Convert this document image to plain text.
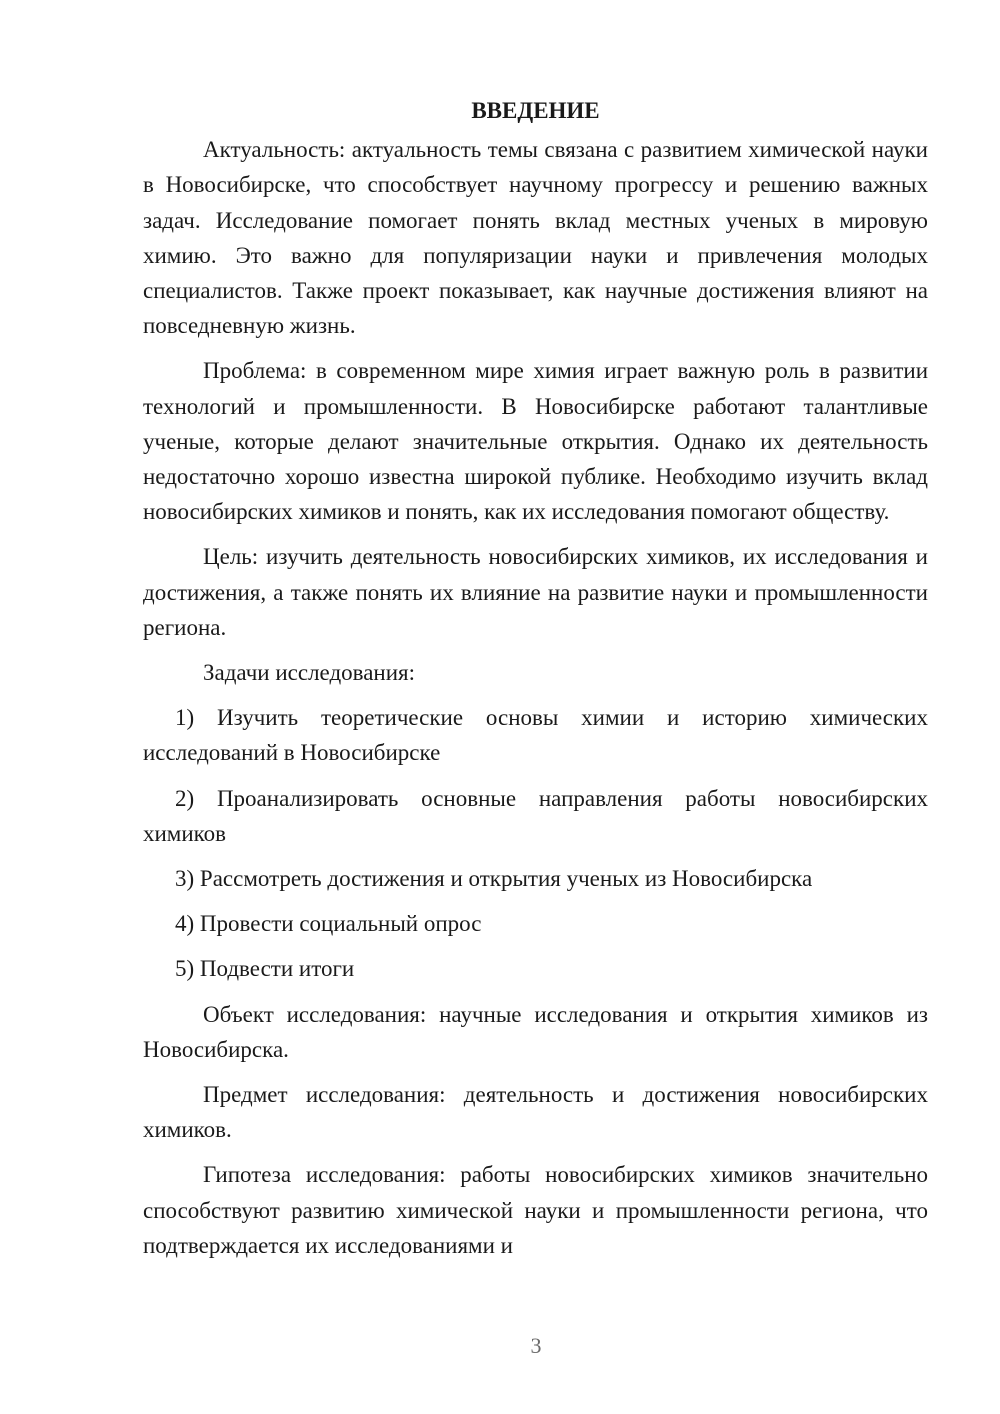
ВВЕДЕНИЕ

Актуальность: актуальность темы связана с развитием химической науки в Новосибирске, что способствует научному прогрессу и решению важных задач. Исследование помогает понять вклад местных ученых в мировую химию. Это важно для популяризации науки и привлечения молодых специалистов. Также проект показывает, как научные достижения влияют на повседневную жизнь.

Проблема: в современном мире химия играет важную роль в развитии технологий и промышленности. В Новосибирске работают талантливые ученые, которые делают значительные открытия. Однако их деятельность недостаточно хорошо известна широкой публике. Необходимо изучить вклад новосибирских химиков и понять, как их исследования помогают обществу.

Цель: изучить деятельность новосибирских химиков, их исследования и достижения, а также понять их влияние на развитие науки и промышленности региона.

Задачи исследования:

1) Изучить теоретические основы химии и историю химических исследований в Новосибирске

2) Проанализировать основные направления работы новосибирских химиков

3) Рассмотреть достижения и открытия ученых из Новосибирска

4) Провести социальный опрос

5) Подвести итоги

Объект исследования: научные исследования и открытия химиков из Новосибирска.

Предмет исследования: деятельность и достижения новосибирских химиков.

Гипотеза исследования: работы новосибирских химиков значительно способствуют развитию химической науки и промышленности региона, что подтверждается их исследованиями и

3
